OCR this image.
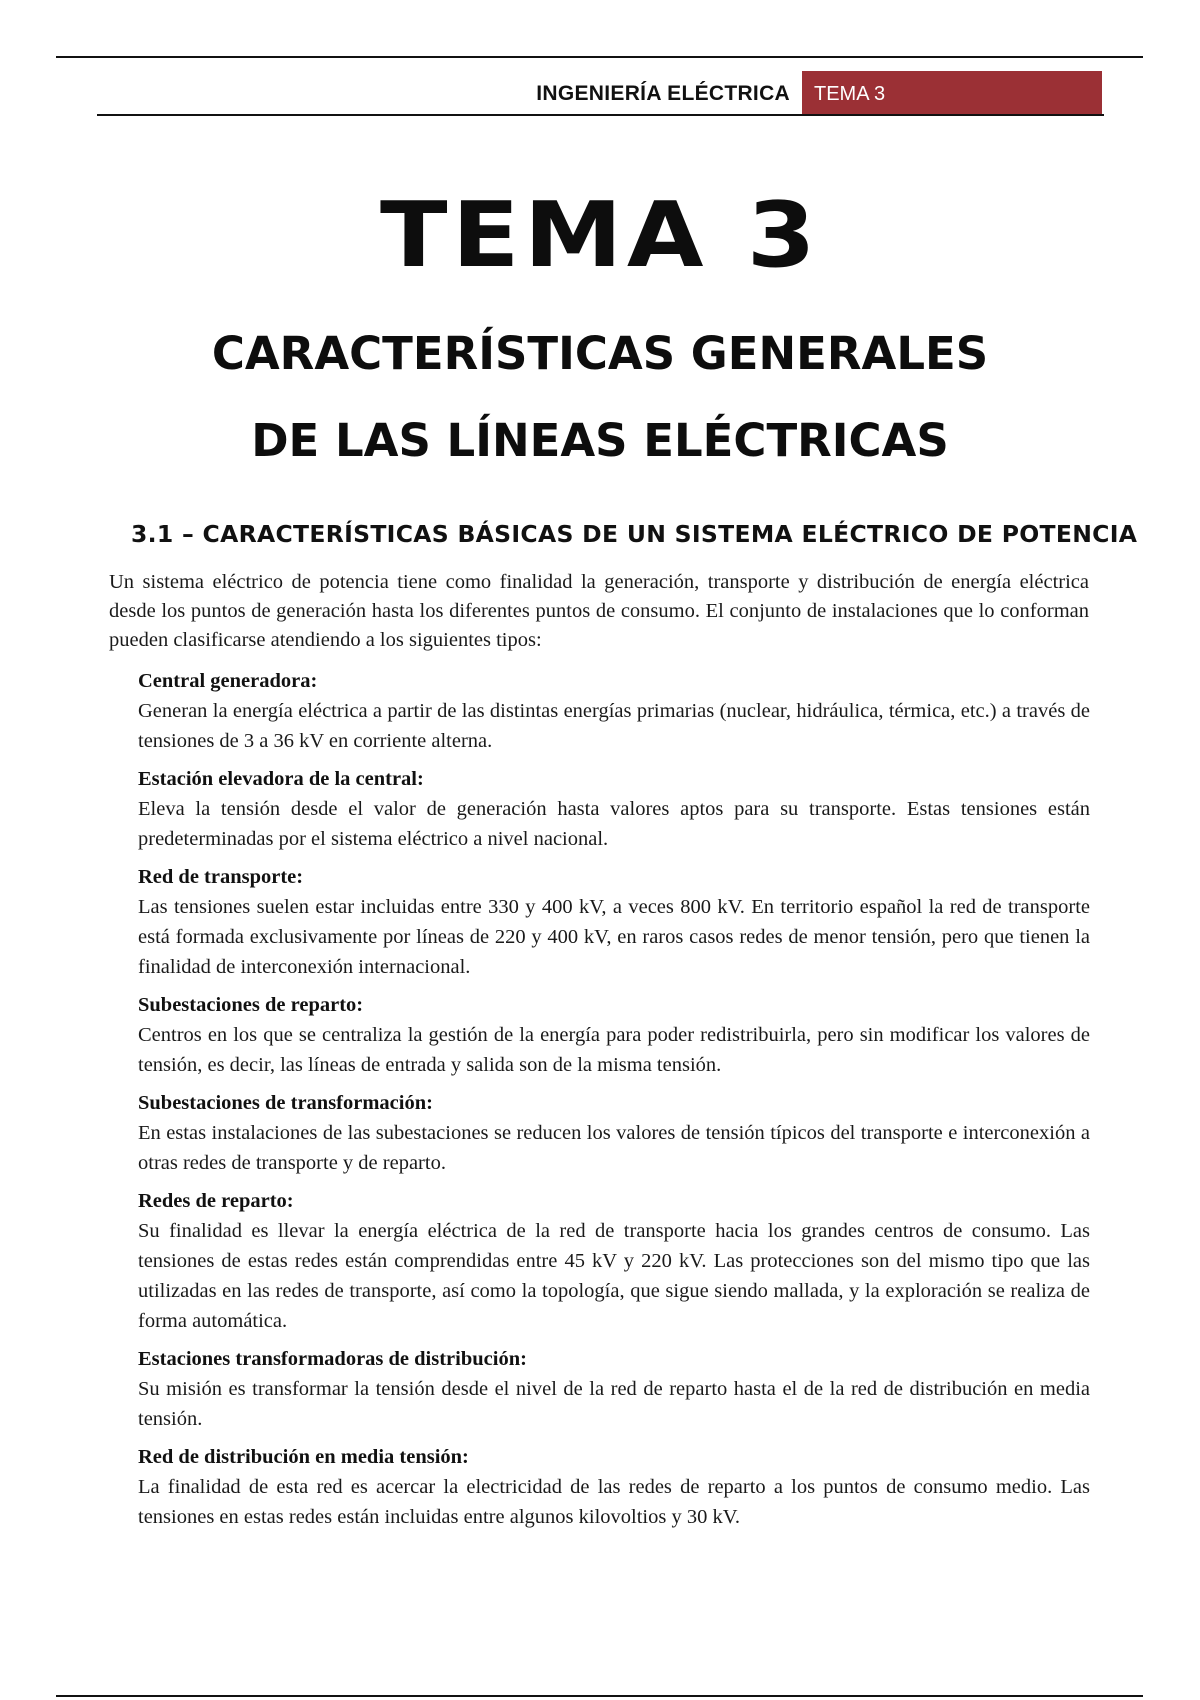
INGENIERÍA ELÉCTRICA	TEMA 3
TEMA 3
CARACTERÍSTICAS GENERALES
DE LAS LÍNEAS ELÉCTRICAS
3.1 – CARACTERÍSTICAS BÁSICAS DE UN SISTEMA ELÉCTRICO DE POTENCIA
Un sistema eléctrico de potencia tiene como finalidad la generación, transporte y distribución de energía eléctrica desde los puntos de generación hasta los diferentes puntos de consumo. El conjunto de instalaciones que lo conforman pueden clasificarse atendiendo a los siguientes tipos:
Central generadora:
Generan la energía eléctrica a partir de las distintas energías primarias (nuclear, hidráulica, térmica, etc.) a través de tensiones de 3 a 36 kV en corriente alterna.
Estación elevadora de la central:
Eleva la tensión desde el valor de generación hasta valores aptos para su transporte. Estas tensiones están predeterminadas por el sistema eléctrico a nivel nacional.
Red de transporte:
Las tensiones suelen estar incluidas entre 330 y 400 kV, a veces 800 kV. En territorio español la red de transporte está formada exclusivamente por líneas de 220 y 400 kV, en raros casos redes de menor tensión, pero que tienen la finalidad de interconexión internacional.
Subestaciones de reparto:
Centros en los que se centraliza la gestión de la energía para poder redistribuirla, pero sin modificar los valores de tensión, es decir, las líneas de entrada y salida son de la misma tensión.
Subestaciones de transformación:
En estas instalaciones de las subestaciones se reducen los valores de tensión típicos del transporte e interconexión a otras redes de transporte y de reparto.
Redes de reparto:
Su finalidad es llevar la energía eléctrica de la red de transporte hacia los grandes centros de consumo. Las tensiones de estas redes están comprendidas entre 45 kV y 220 kV. Las protecciones son del mismo tipo que las utilizadas en las redes de transporte, así como la topología, que sigue siendo mallada, y la exploración se realiza de forma automática.
Estaciones transformadoras de distribución:
Su misión es transformar la tensión desde el nivel de la red de reparto hasta el de la red de distribución en media tensión.
Red de distribución en media tensión:
La finalidad de esta red es acercar la electricidad de las redes de reparto a los puntos de consumo medio. Las tensiones en estas redes están incluidas entre algunos kilovoltios y 30 kV.
